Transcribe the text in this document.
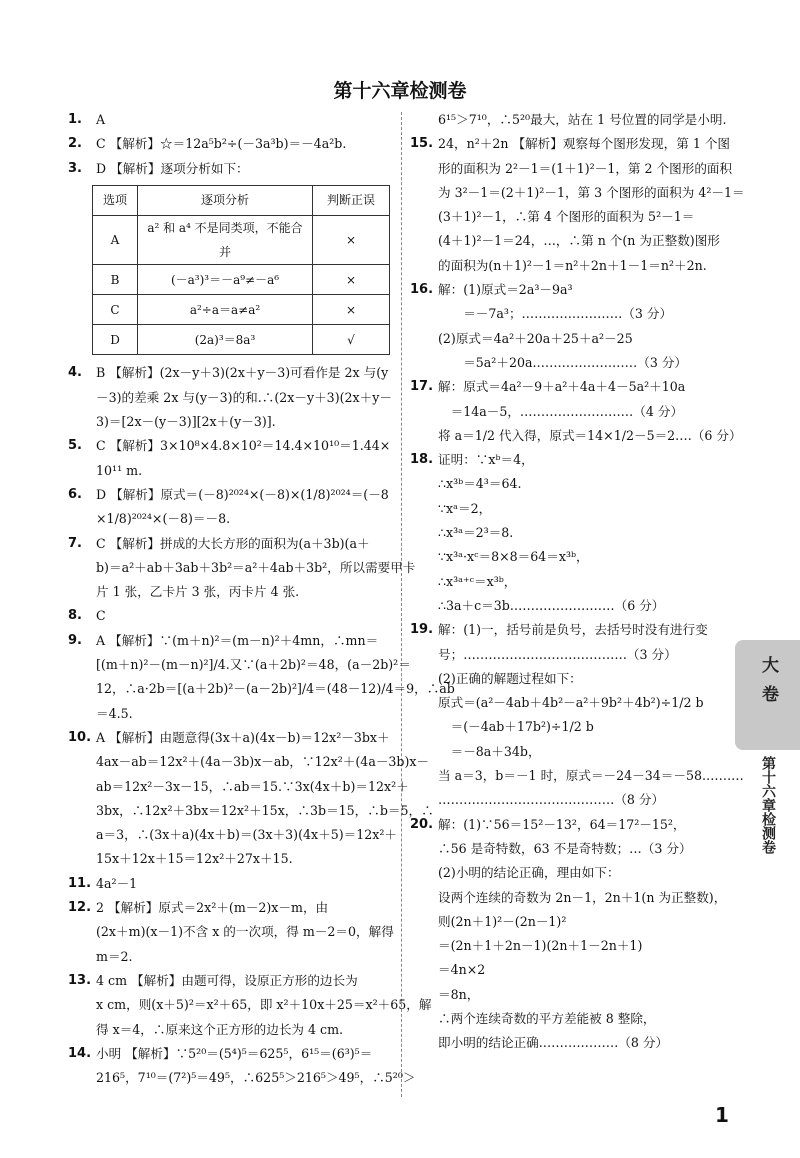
第十六章检测卷
1. A
2. C 【解析】☆＝12a⁵b²÷(－3a³b)＝－4a²b.
3. D 【解析】逐项分析如下：
选项	逐项分析	判断正误
A	a² 和 a⁴ 不是同类项，不能合并	×
B	(－a³)³＝－a⁹≠－a⁶	×
C	a²÷a＝a≠a²	×
D	(2a)³＝8a³	√
4. B 【解析】(2x－y＋3)(2x＋y－3)可看作是 2x 与(y
－3)的差乘 2x 与(y－3)的和.∴(2x－y＋3)(2x＋y－
3)＝[2x－(y－3)][2x＋(y－3)].
5. C 【解析】3×10⁸×4.8×10²＝14.4×10¹⁰＝1.44×
10¹¹ m.
6. D 【解析】原式＝(－8)²⁰²⁴×(－8)×(1/8)²⁰²⁴＝(－8
×1/8)²⁰²⁴×(－8)＝－8.
7. C 【解析】拼成的大长方形的面积为(a＋3b)(a＋
b)＝a²＋ab＋3ab＋3b²＝a²＋4ab＋3b²，所以需要甲卡
片 1 张，乙卡片 3 张，丙卡片 4 张.
8. C
9. A 【解析】∵(m＋n)²＝(m－n)²＋4mn，∴mn＝
[(m＋n)²－(m－n)²]/4.又∵(a＋2b)²＝48，(a－2b)²＝
12，∴a·2b＝[(a＋2b)²－(a－2b)²]/4＝(48－12)/4＝9，∴ab
＝4.5.
10. A 【解析】由题意得(3x＋a)(4x－b)＝12x²－3bx＋
4ax－ab＝12x²＋(4a－3b)x－ab，∵12x²＋(4a－3b)x－
ab＝12x²－3x－15，∴ab＝15.∵3x(4x＋b)＝12x²＋
3bx，∴12x²＋3bx＝12x²＋15x，∴3b＝15，∴b＝5，∴
a＝3，∴(3x＋a)(4x＋b)＝(3x＋3)(4x＋5)＝12x²＋
15x＋12x＋15＝12x²＋27x＋15.
11. 4a²－1
12. 2 【解析】原式＝2x²＋(m－2)x－m，由
(2x＋m)(x－1)不含 x 的一次项，得 m－2＝0，解得
m＝2.
13. 4 cm 【解析】由题可得，设原正方形的边长为
x cm，则(x＋5)²＝x²＋65，即 x²＋10x＋25＝x²＋65，解
得 x＝4，∴原来这个正方形的边长为 4 cm.
14. 小明 【解析】∵5²⁰＝(5⁴)⁵＝625⁵，6¹⁵＝(6³)⁵＝
216⁵，7¹⁰＝(7²)⁵＝49⁵，∴625⁵＞216⁵＞49⁵，∴5²⁰＞
6¹⁵＞7¹⁰，∴5²⁰最大，站在 1 号位置的同学是小明.
15. 24，n²＋2n 【解析】观察每个图形发现，第 1 个图
形的面积为 2²－1＝(1＋1)²－1，第 2 个图形的面积
为 3²－1＝(2＋1)²－1，第 3 个图形的面积为 4²－1＝
(3＋1)²－1，∴第 4 个图形的面积为 5²－1＝
(4＋1)²－1＝24，…，∴第 n 个(n 为正整数)图形
的面积为(n＋1)²－1＝n²＋2n＋1－1＝n²＋2n.
16. 解：(1)原式＝2a³－9a³
　　＝－7a³；……………………（3 分）
(2)原式＝4a²＋20a＋25＋a²－25
　　＝5a²＋20a.……………………（3 分）
17. 解：原式＝4a²－9＋a²＋4a＋4－5a²＋10a
　＝14a－5，………………………（4 分）
将 a＝1/2 代入得，原式＝14×1/2－5＝2.…（6 分）
18. 证明：∵xᵇ＝4，
∴x³ᵇ＝4³＝64.
∵xᵃ＝2，
∴x³ᵃ＝2³＝8.
∵x³ᵃ·xᶜ＝8×8＝64＝x³ᵇ，
∴x³ᵃ⁺ᶜ＝x³ᵇ，
∴3a＋c＝3b.……………………（6 分）
19. 解：(1)一，括号前是负号，去括号时没有进行变
号；…………………………………（3 分）
(2)正确的解题过程如下：
原式＝(a²－4ab＋4b²－a²＋9b²＋4b²)÷1/2 b
　＝(－4ab＋17b²)÷1/2 b
　＝－8a＋34b，
当 a＝3，b＝－1 时，原式＝－24－34＝－58.………
……………………………………（8 分）
20. 解：(1)∵56＝15²－13²，64＝17²－15²，
∴56 是奇特数，63 不是奇特数；…（3 分）
(2)小明的结论正确，理由如下：
设两个连续的奇数为 2n－1，2n＋1(n 为正整数)，
则(2n＋1)²－(2n－1)²
＝(2n＋1＋2n－1)(2n＋1－2n＋1)
＝4n×2
＝8n，
∴两个连续奇数的平方差能被 8 整除，
即小明的结论正确.………………（8 分）
大卷
第十六章检测卷
1
